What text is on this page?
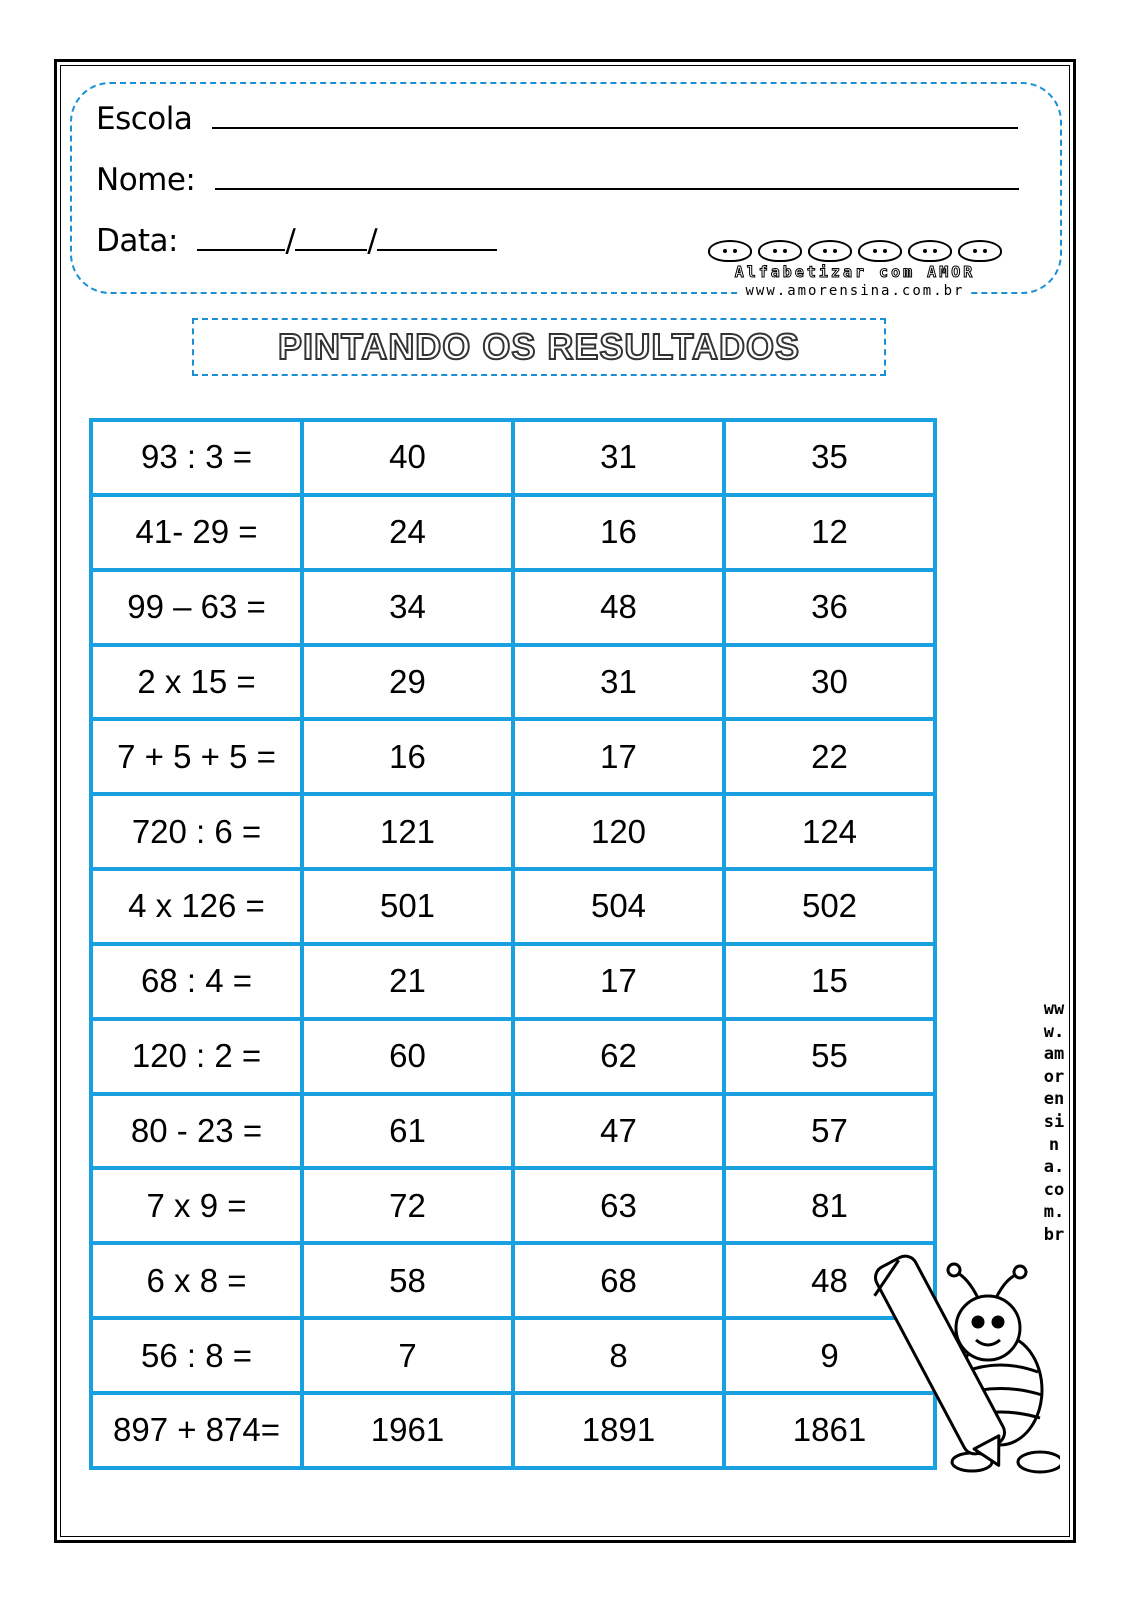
Escola
Nome:
Data:	/ /
Alfabetizar com AMOR
www.amorensina.com.br
PINTANDO OS RESULTADOS
93 : 3 =	40	31	35
41- 29 =	24	16	12
99 – 63 =	34	48	36
2 x 15 =	29	31	30
7 + 5 + 5 =	16	17	22
720 : 6 =	121	120	124
4 x 126 =	501	504	502
68 : 4 =	21	17	15
120 : 2 =	60	62	55
80 - 23 =	61	47	57
7 x 9 =	72	63	81
6 x 8 =	58	68	48
56 : 8 =	7	8	9
897 + 874=	1961	1891	1861
www.amorensina.com.br
